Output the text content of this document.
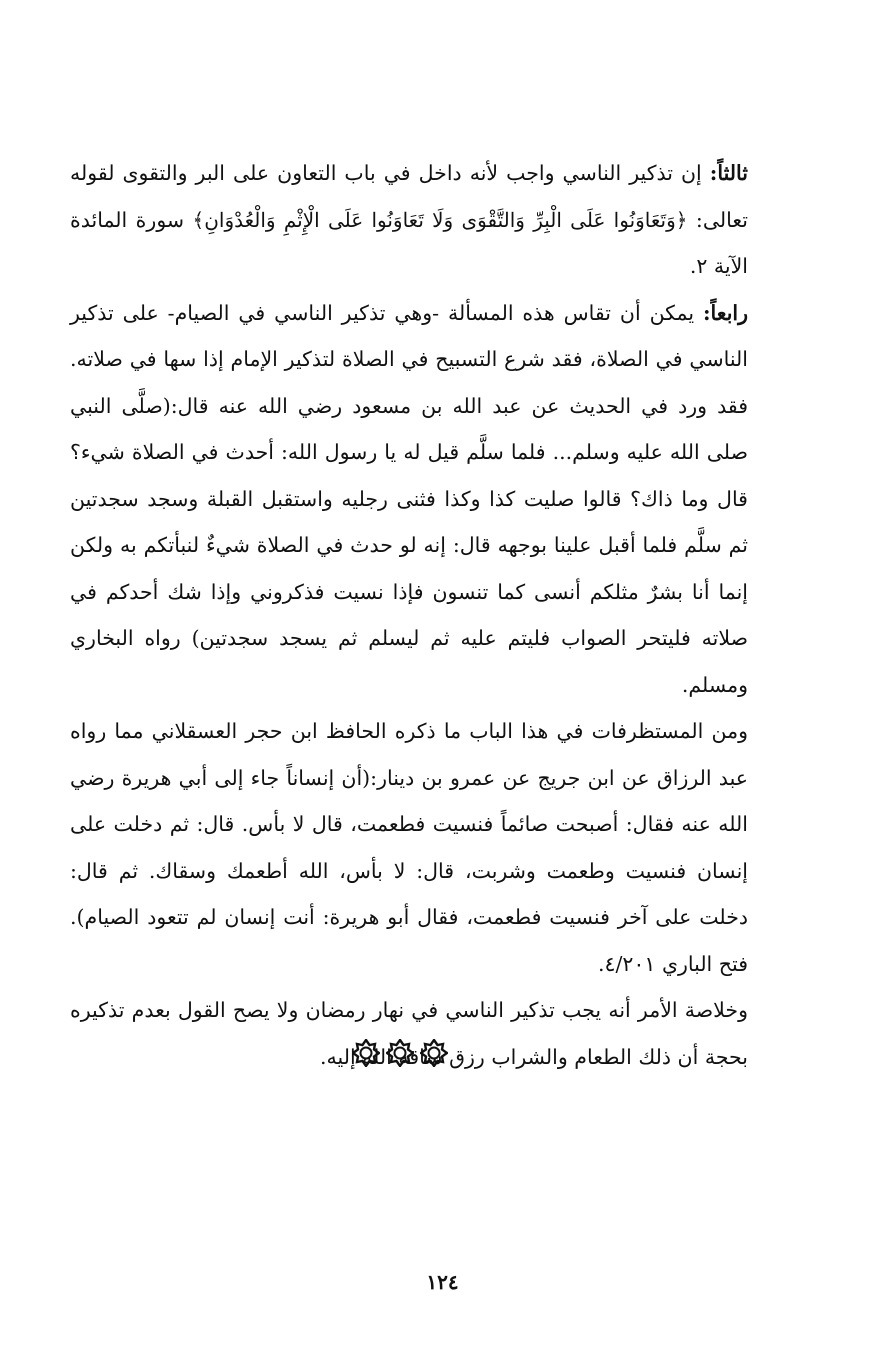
ثالثاً: إن تذكير الناسي واجب لأنه داخل في باب التعاون على البر والتقوى لقوله تعالى: ﴿وَتَعَاوَنُوا عَلَى الْبِرِّ وَالتَّقْوَى وَلَا تَعَاوَنُوا عَلَى الْإِثْمِ وَالْعُدْوَانِ﴾ سورة المائدة الآية ٢.

رابعاً: يمكن أن تقاس هذه المسألة -وهي تذكير الناسي في الصيام- على تذكير الناسي في الصلاة، فقد شرع التسبيح في الصلاة لتذكير الإمام إذا سها في صلاته. فقد ورد في الحديث عن عبد الله بن مسعود رضي الله عنه قال:(صلَّى النبي صلى الله عليه وسلم... فلما سلَّم قيل له يا رسول الله: أحدث في الصلاة شيء؟ قال وما ذاك؟ قالوا صليت كذا وكذا فثنى رجليه واستقبل القبلة وسجد سجدتين ثم سلَّم فلما أقبل علينا بوجهه قال: إنه لو حدث في الصلاة شيءٌ لنبأتكم به ولكن إنما أنا بشرٌ مثلكم أنسى كما تنسون فإذا نسيت فذكروني وإذا شك أحدكم في صلاته فليتحر الصواب فليتم عليه ثم ليسلم ثم يسجد سجدتين) رواه البخاري ومسلم.

ومن المستظرفات في هذا الباب ما ذكره الحافظ ابن حجر العسقلاني مما رواه عبد الرزاق عن ابن جريج عن عمرو بن دينار:(أن إنساناً جاء إلى أبي هريرة رضي الله عنه فقال: أصبحت صائماً فنسيت فطعمت، قال لا بأس. قال: ثم دخلت على إنسان فنسيت وطعمت وشربت، قال: لا بأس، الله أطعمك وسقاك. ثم قال: دخلت على آخر فنسيت فطعمت، فقال أبو هريرة: أنت إنسان لم تتعود الصيام). فتح الباري ٤/٢٠١.

وخلاصة الأمر أنه يجب تذكير الناسي في نهار رمضان ولا يصح القول بعدم تذكيره بحجة أن ذلك الطعام والشراب رزق ساقه الله إليه.

١٢٤
